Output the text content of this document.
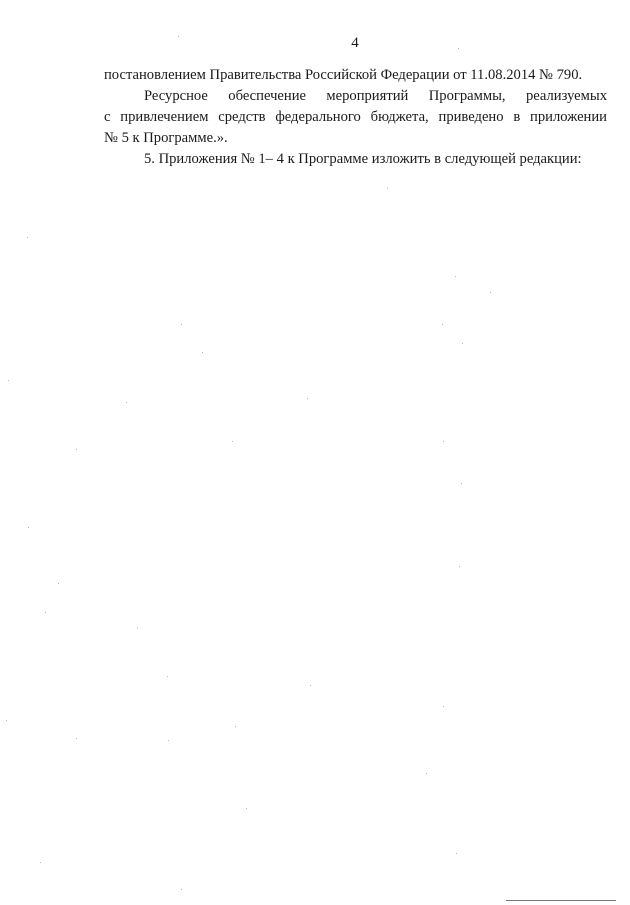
4
постановлением Правительства Российской Федерации от 11.08.2014 № 790.
Ресурсное обеспечение мероприятий Программы, реализуемых
с привлечением средств федерального бюджета, приведено в приложении
№ 5 к Программе.».
5. Приложения № 1– 4 к Программе изложить в следующей редакции:
